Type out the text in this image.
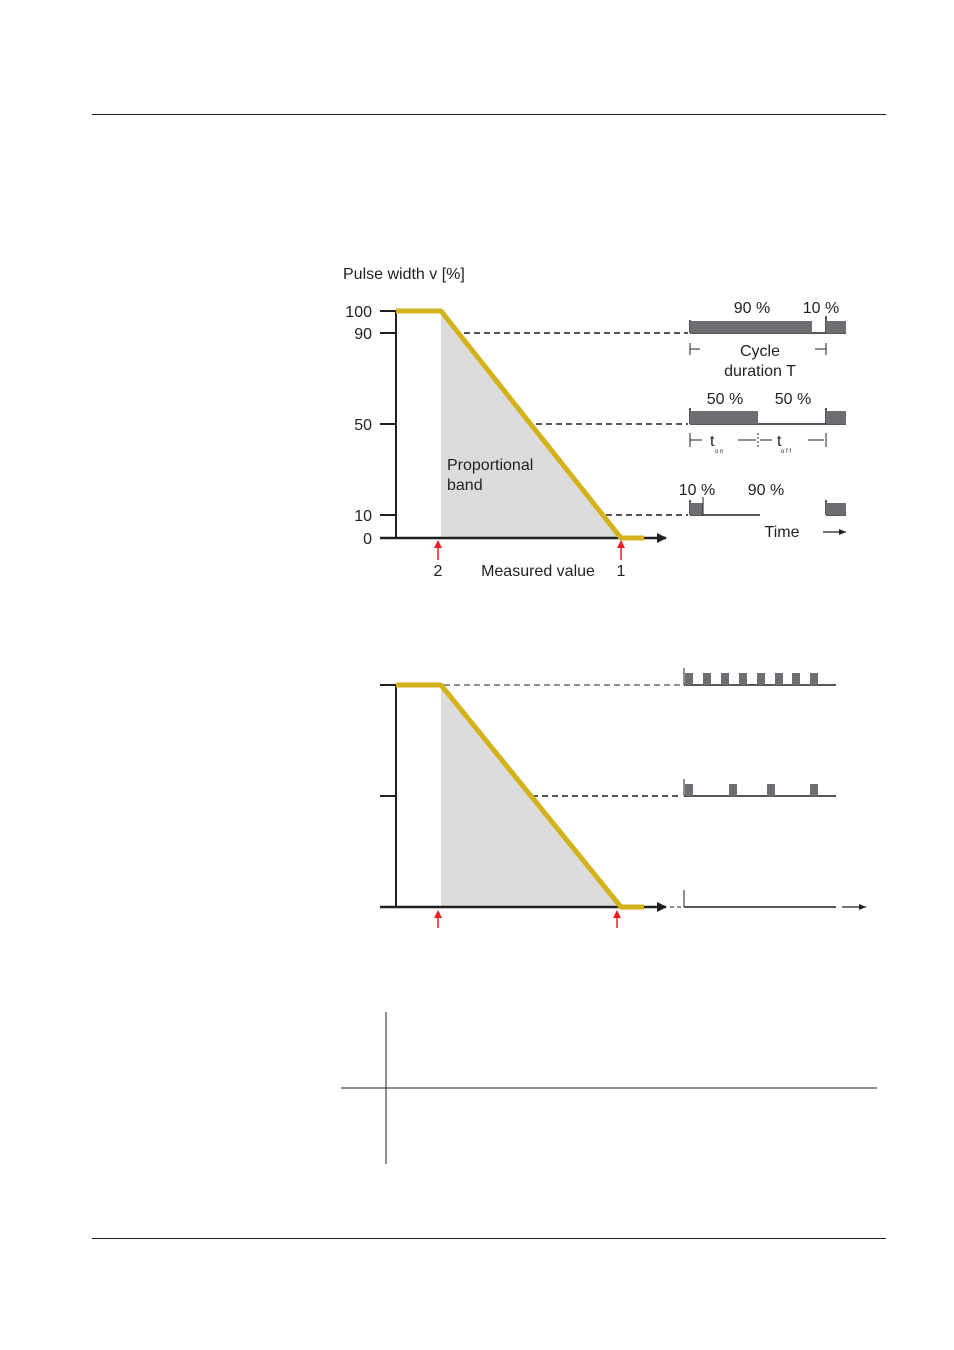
Pulse width v [%]
100
90
50
10
0
Proportional
band
2 Measured value 1
90 % 10 %
Cycle
duration T
50 % 50 %
t
o n
t
o f f
10 % 90 %
Time
